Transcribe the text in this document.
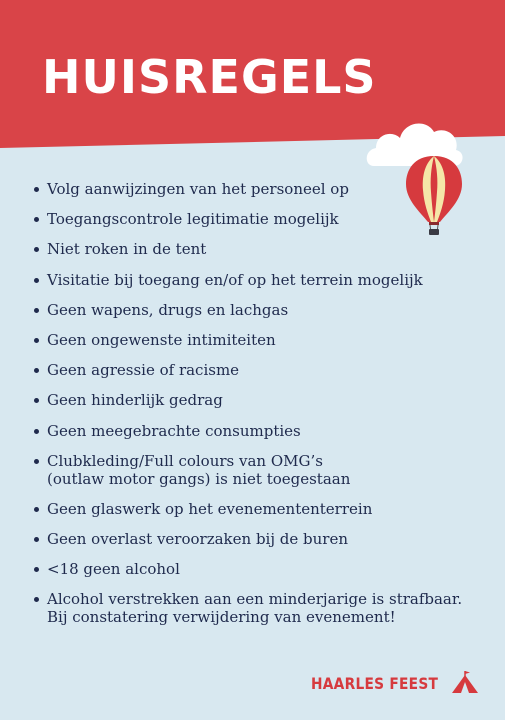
HUISREGELS
Volg aanwijzingen van het personeel op
Toegangscontrole legitimatie mogelijk
Niet roken in de tent
Visitatie bij toegang en/of op het terrein mogelijk
Geen wapens, drugs en lachgas
Geen ongewenste intimiteiten
Geen agressie of racisme
Geen hinderlijk gedrag
Geen meegebrachte consumpties
Clubkleding/Full colours van OMG’s
(outlaw motor gangs) is niet toegestaan
Geen glaswerk op het evenemententerrein
Geen overlast veroorzaken bij de buren
<18 geen alcohol
Alcohol verstrekken aan een minderjarige is strafbaar.
Bij constatering verwijdering van evenement!
HAARLES FEEST
